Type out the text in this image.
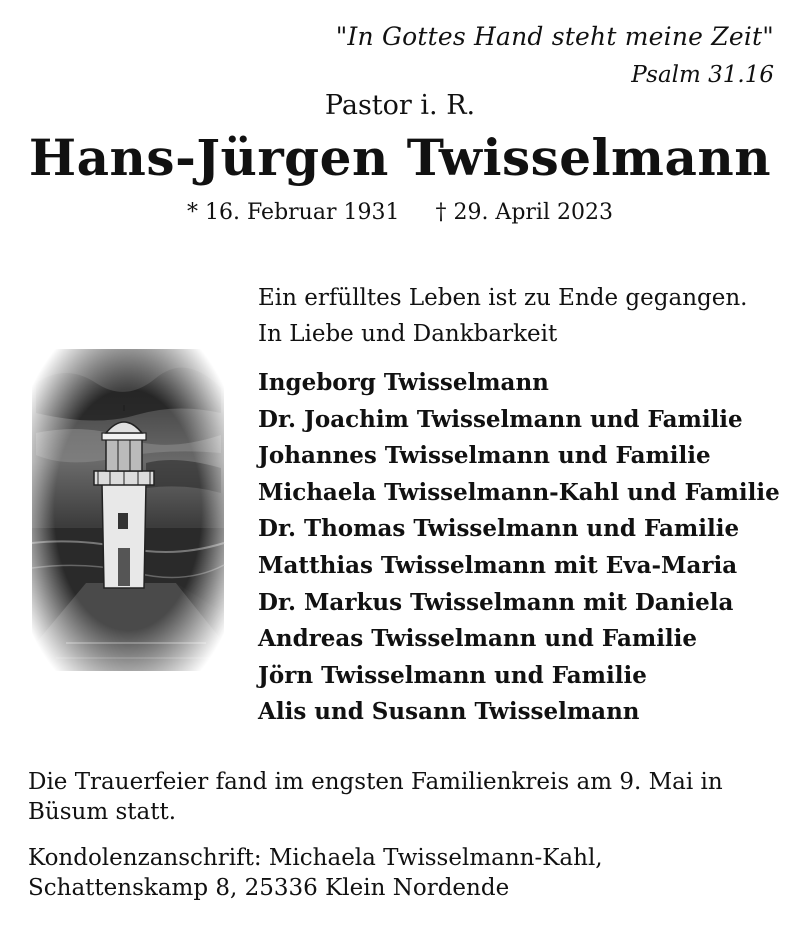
"In Gottes Hand steht meine Zeit"
Psalm 31.16
Pastor i. R.
Hans-Jürgen Twisselmann
* 16. Februar 1931 † 29. April 2023
Ein erfülltes Leben ist zu Ende gegangen.
In Liebe und Dankbarkeit
Ingeborg Twisselmann
Dr. Joachim Twisselmann und Familie
Johannes Twisselmann und Familie
Michaela Twisselmann-Kahl und Familie
Dr. Thomas Twisselmann und Familie
Matthias Twisselmann mit Eva-Maria
Dr. Markus Twisselmann mit Daniela
Andreas Twisselmann und Familie
Jörn Twisselmann und Familie
Alis und Susann Twisselmann
Die Trauerfeier fand im engsten Familienkreis am 9. Mai in
Büsum statt.
Kondolenzanschrift: Michaela Twisselmann-Kahl,
Schattenskamp 8, 25336 Klein Nordende
